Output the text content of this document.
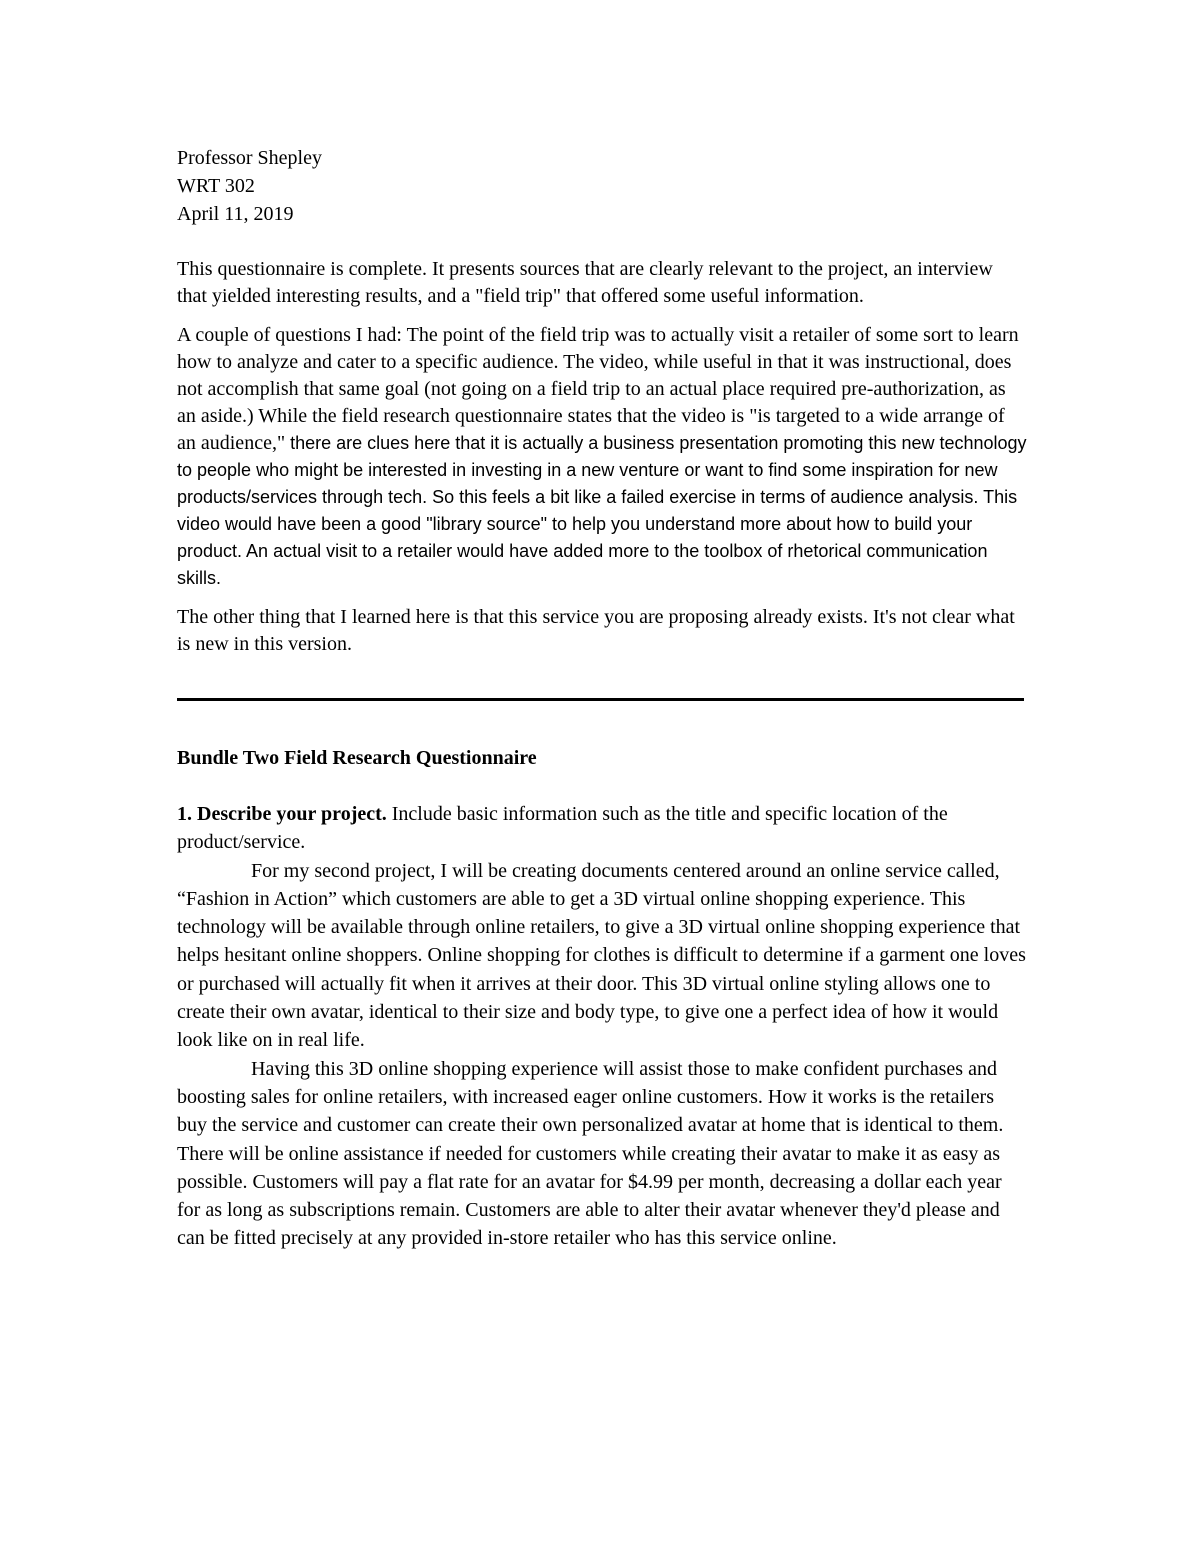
Professor Shepley
WRT 302
April 11, 2019

This questionnaire is complete. It presents sources that are clearly relevant to the project, an interview that yielded interesting results, and a "field trip" that offered some useful information.

A couple of questions I had: The point of the field trip was to actually visit a retailer of some sort to learn how to analyze and cater to a specific audience. The video, while useful in that it was instructional, does not accomplish that same goal (not going on a field trip to an actual place required pre-authorization, as an aside.) While the field research questionnaire states that the video is "is targeted to a wide arrange of an audience," there are clues here that it is actually a business presentation promoting this new technology to people who might be interested in investing in a new venture or want to find some inspiration for new products/services through tech. So this feels a bit like a failed exercise in terms of audience analysis. This video would have been a good "library source" to help you understand more about how to build your product. An actual visit to a retailer would have added more to the toolbox of rhetorical communication skills.

The other thing that I learned here is that this service you are proposing already exists. It's not clear what is new in this version.

Bundle Two Field Research Questionnaire

1. Describe your project. Include basic information such as the title and specific location of the product/service.

For my second project, I will be creating documents centered around an online service called, “Fashion in Action” which customers are able to get a 3D virtual online shopping experience. This technology will be available through online retailers, to give a 3D virtual online shopping experience that helps hesitant online shoppers. Online shopping for clothes is difficult to determine if a garment one loves or purchased will actually fit when it arrives at their door. This 3D virtual online styling allows one to create their own avatar, identical to their size and body type, to give one a perfect idea of how it would look like on in real life.

Having this 3D online shopping experience will assist those to make confident purchases and boosting sales for online retailers, with increased eager online customers. How it works is the retailers buy the service and customer can create their own personalized avatar at home that is identical to them. There will be online assistance if needed for customers while creating their avatar to make it as easy as possible. Customers will pay a flat rate for an avatar for $4.99 per month, decreasing a dollar each year for as long as subscriptions remain. Customers are able to alter their avatar whenever they'd please and can be fitted precisely at any provided in-store retailer who has this service online.
